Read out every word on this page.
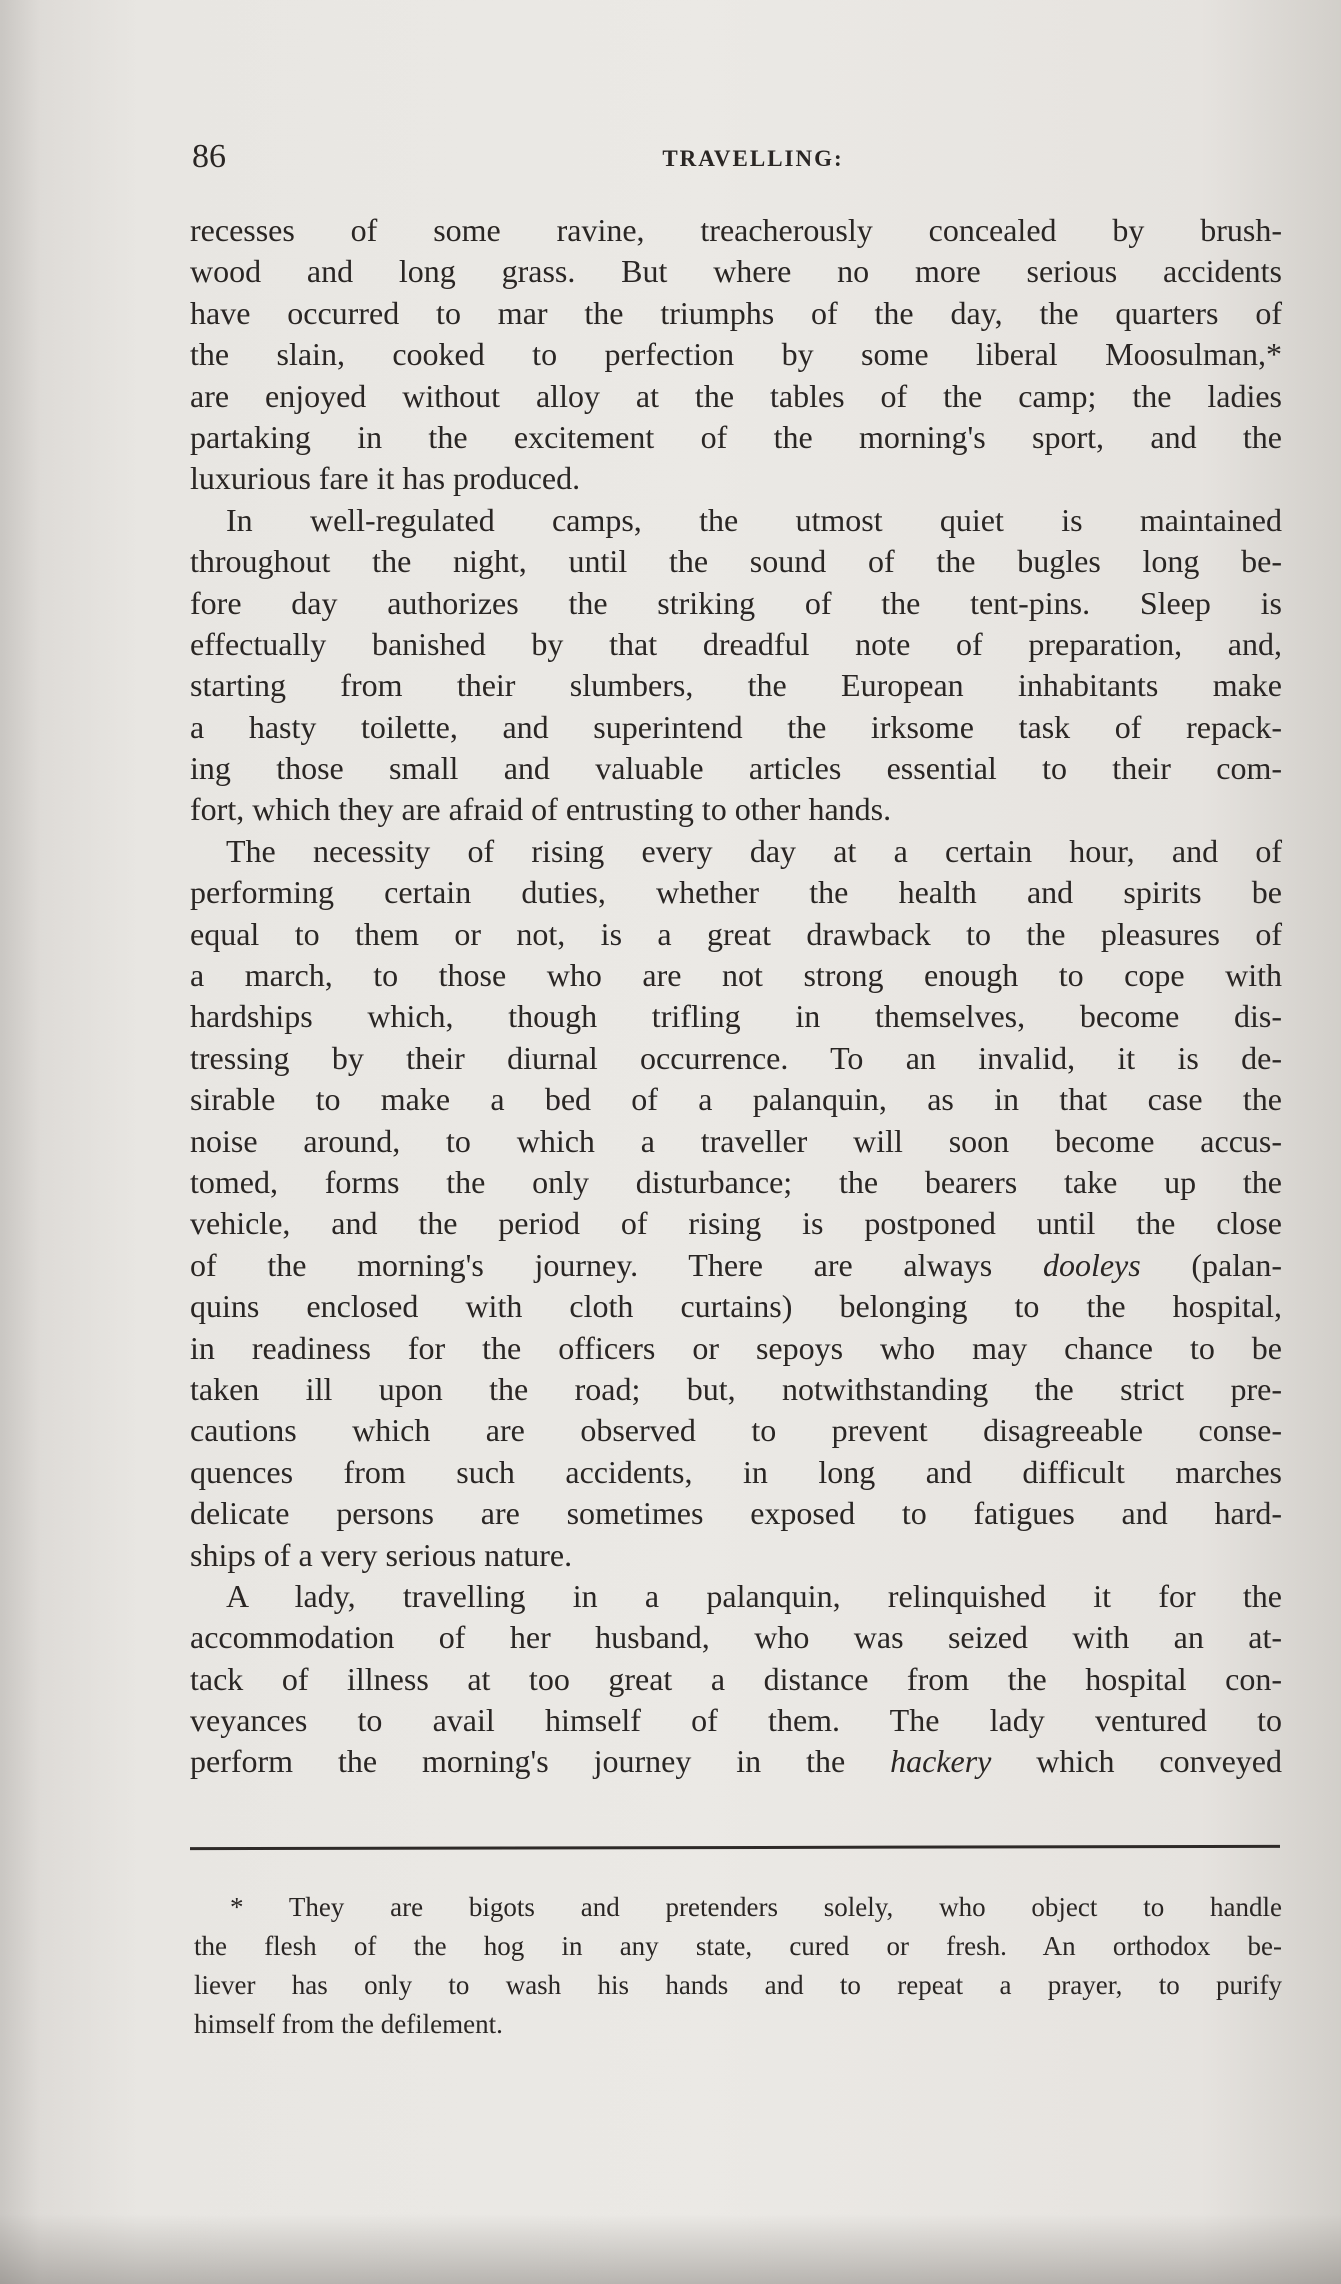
86	TRAVELLING:
recesses of some ravine, treacherously concealed by brush-
wood and long grass. But where no more serious accidents
have occurred to mar the triumphs of the day, the quarters of
the slain, cooked to perfection by some liberal Moosulman,*
are enjoyed without alloy at the tables of the camp; the ladies
partaking in the excitement of the morning's sport, and the
luxurious fare it has produced.
In well-regulated camps, the utmost quiet is maintained
throughout the night, until the sound of the bugles long be-
fore day authorizes the striking of the tent-pins. Sleep is
effectually banished by that dreadful note of preparation, and,
starting from their slumbers, the European inhabitants make
a hasty toilette, and superintend the irksome task of repack-
ing those small and valuable articles essential to their com-
fort, which they are afraid of entrusting to other hands.
The necessity of rising every day at a certain hour, and of
performing certain duties, whether the health and spirits be
equal to them or not, is a great drawback to the pleasures of
a march, to those who are not strong enough to cope with
hardships which, though trifling in themselves, become dis-
tressing by their diurnal occurrence. To an invalid, it is de-
sirable to make a bed of a palanquin, as in that case the
noise around, to which a traveller will soon become accus-
tomed, forms the only disturbance; the bearers take up the
vehicle, and the period of rising is postponed until the close
of the morning's journey. There are always dooleys (palan-
quins enclosed with cloth curtains) belonging to the hospital,
in readiness for the officers or sepoys who may chance to be
taken ill upon the road; but, notwithstanding the strict pre-
cautions which are observed to prevent disagreeable conse-
quences from such accidents, in long and difficult marches
delicate persons are sometimes exposed to fatigues and hard-
ships of a very serious nature.
A lady, travelling in a palanquin, relinquished it for the
accommodation of her husband, who was seized with an at-
tack of illness at too great a distance from the hospital con-
veyances to avail himself of them. The lady ventured to
perform the morning's journey in the hackery which conveyed
* They are bigots and pretenders solely, who object to handle
the flesh of the hog in any state, cured or fresh. An orthodox be-
liever has only to wash his hands and to repeat a prayer, to purify
himself from the defilement.
